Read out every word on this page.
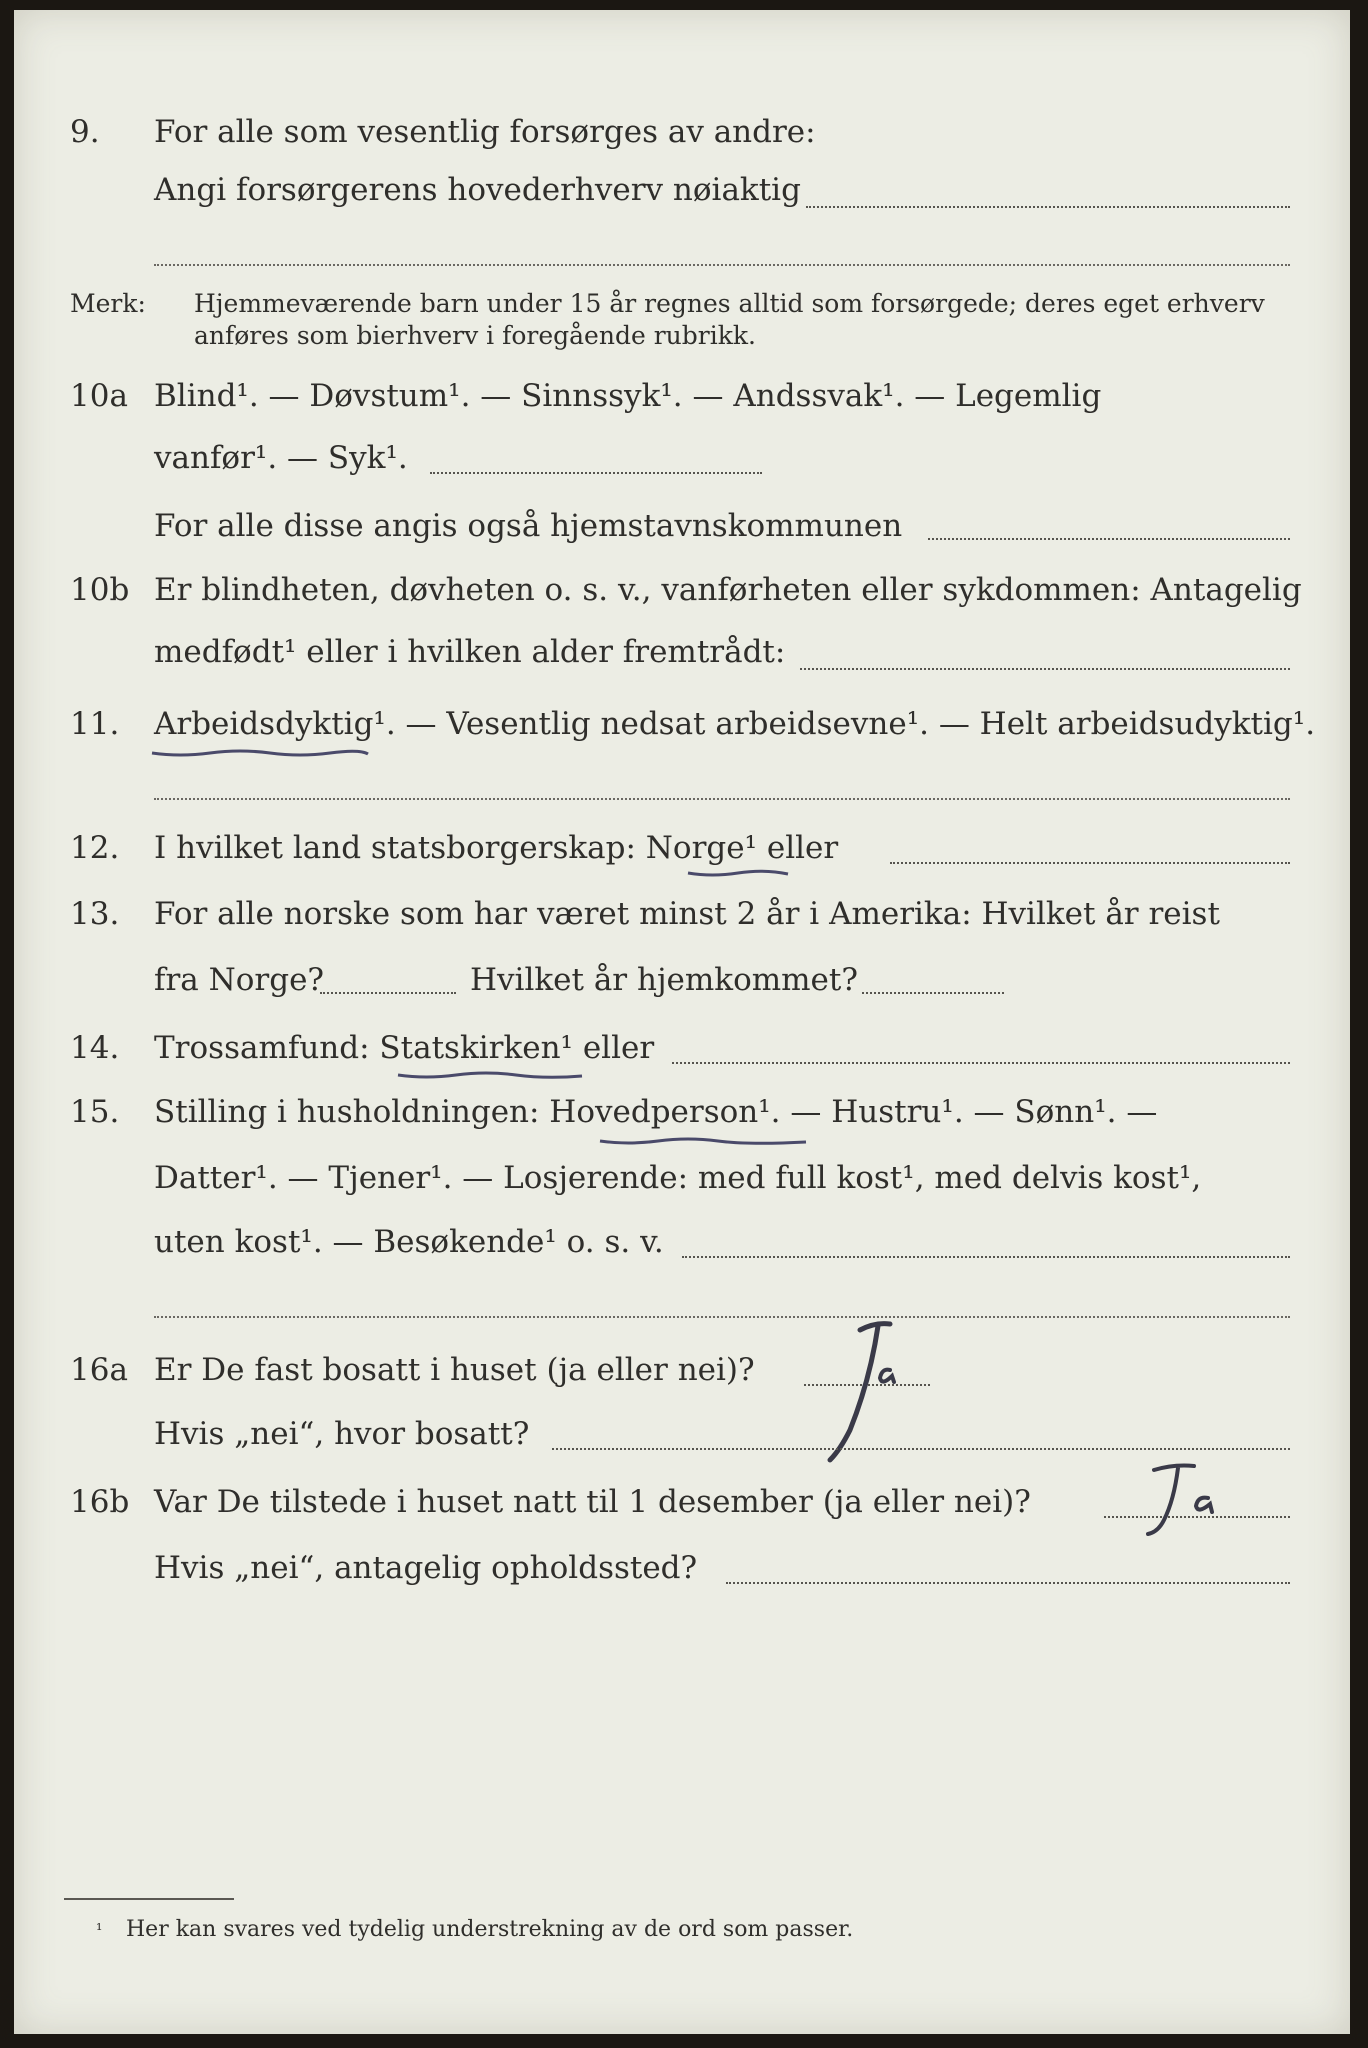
9. For alle som vesentlig forsørges av andre:
Angi forsørgerens hovederhverv nøiaktig
Merk: Hjemmeværende barn under 15 år regnes alltid som forsørgede; deres eget erhverv
anføres som bierhverv i foregående rubrikk.
10a Blind¹. — Døvstum¹. — Sinnssyk¹. — Andssvak¹. — Legemlig
vanfør¹. — Syk¹.
For alle disse angis også hjemstavnskommunen
10b Er blindheten, døvheten o. s. v., vanførheten eller sykdommen: Antagelig
medfødt¹ eller i hvilken alder fremtrådt:
11. Arbeidsdyktig¹. — Vesentlig nedsat arbeidsevne¹. — Helt arbeidsudyktig¹.
12. I hvilket land statsborgerskap: Norge¹ eller
13. For alle norske som har været minst 2 år i Amerika: Hvilket år reist
fra Norge?	Hvilket år hjemkommet?
14. Trossamfund: Statskirken¹ eller
15. Stilling i husholdningen: Hovedperson¹. — Hustru¹. — Sønn¹. —
Datter¹. — Tjener¹. — Losjerende: med full kost¹, med delvis kost¹,
uten kost¹. — Besøkende¹ o. s. v.
16a Er De fast bosatt i huset (ja eller nei)?
Hvis „nei“, hvor bosatt?
16b Var De tilstede i huset natt til 1 desember (ja eller nei)?
Hvis „nei“, antagelig opholdssted?
¹ Her kan svares ved tydelig understrekning av de ord som passer.
